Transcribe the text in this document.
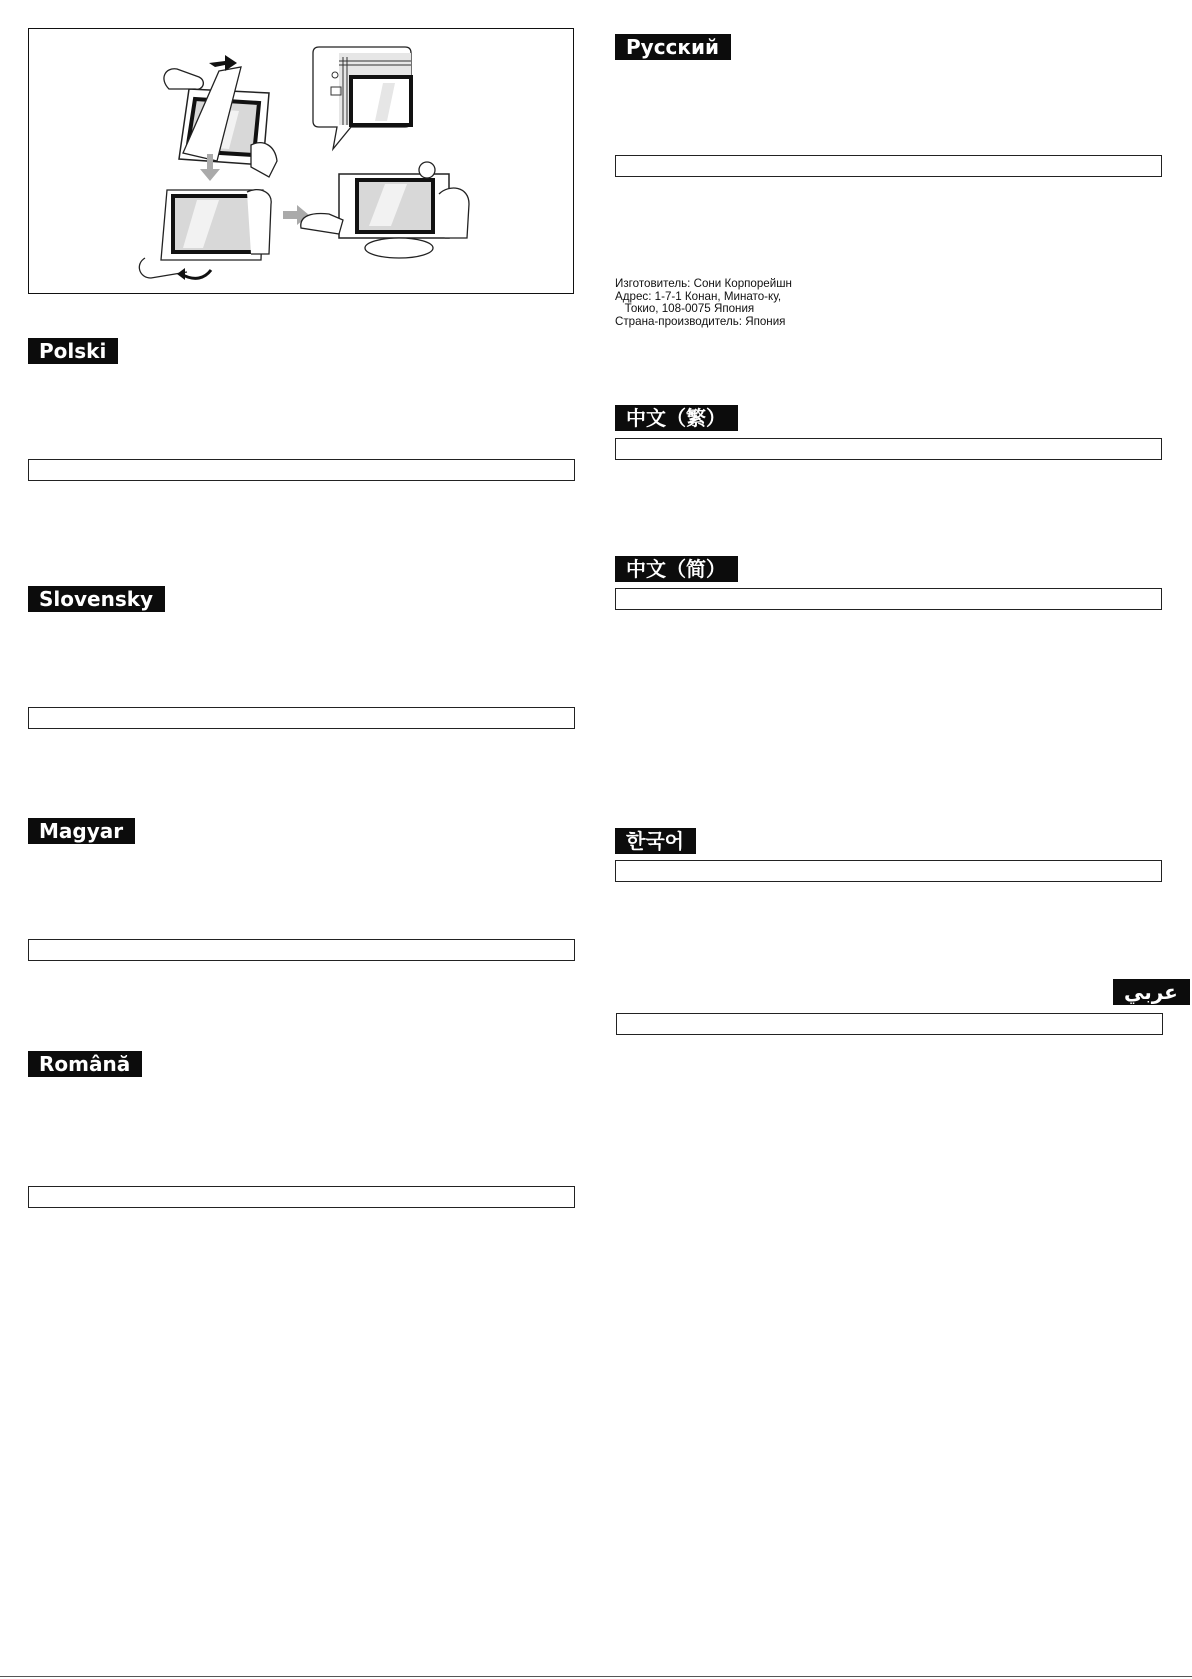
Polski
Slovensky
Magyar
Română
Русский
Изготовитель: Сони Корпорейшн
Адрес: 1-7-1 Конан, Минато-ку,
Токио, 108-0075 Япония
Страна-производитель: Япония
中文（繁）
中文（简）
한국어
عربي
